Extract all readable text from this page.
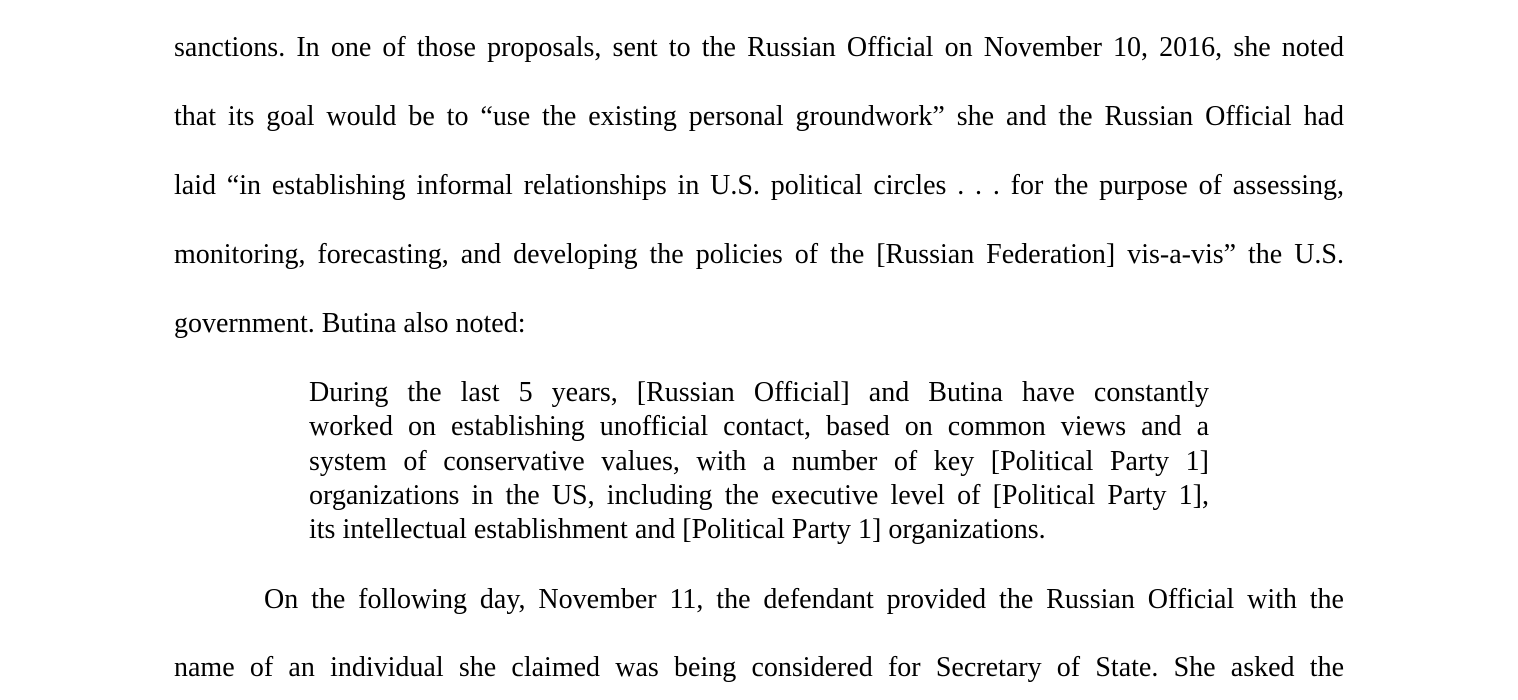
sanctions. In one of those proposals, sent to the Russian Official on November 10, 2016, she noted
that its goal would be to “use the existing personal groundwork” she and the Russian Official had
laid “in establishing informal relationships in U.S. political circles . . . for the purpose of assessing,
monitoring, forecasting, and developing the policies of the [Russian Federation] vis-a-vis” the U.S.
government. Butina also noted:
During the last 5 years, [Russian Official] and Butina have constantly
worked on establishing unofficial contact, based on common views and a
system of conservative values, with a number of key [Political Party 1]
organizations in the US, including the executive level of [Political Party 1],
its intellectual establishment and [Political Party 1] organizations.
On the following day, November 11, the defendant provided the Russian Official with the
name of an individual she claimed was being considered for Secretary of State. She asked the
